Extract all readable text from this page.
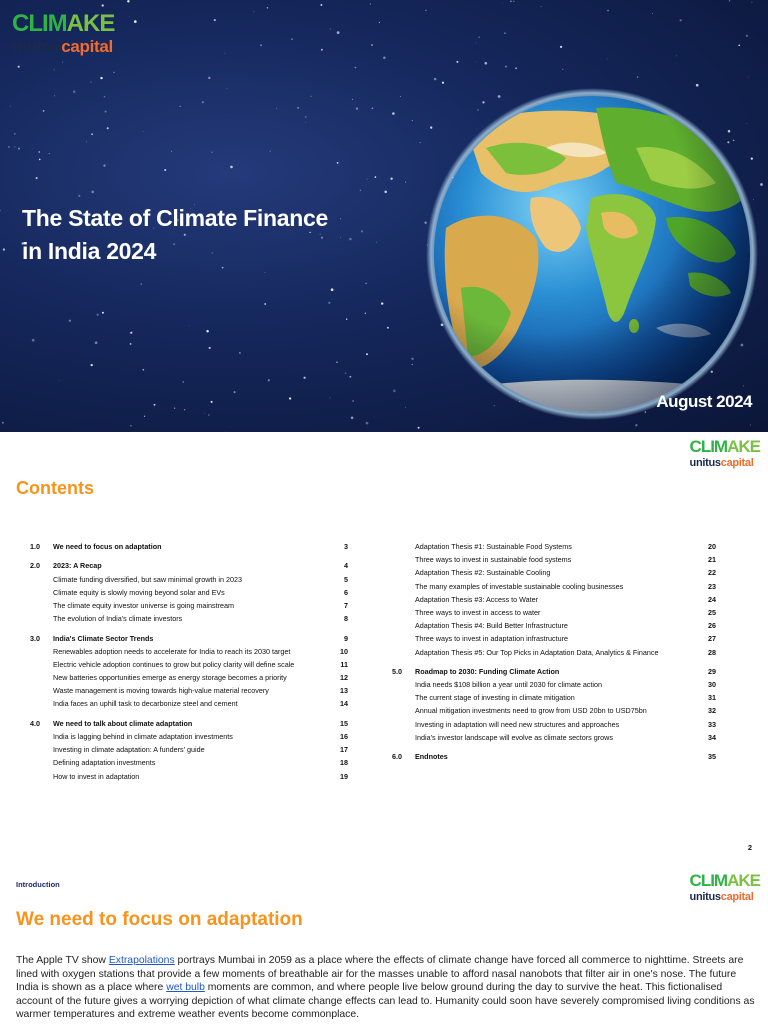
CLIMAKE
unituscapital
The State of Climate Finance
in India 2024
August 2024
CLIMAKE
unituscapital
Contents
1.0	We need to focus on adaptation	3
2.0	2023: A Recap	4
Climate funding diversified, but saw minimal growth in 2023	5
Climate equity is slowly moving beyond solar and EVs	6
The climate equity investor universe is going mainstream	7
The evolution of India's climate investors	8
3.0	India's Climate Sector Trends	9
Renewables adoption needs to accelerate for India to reach its 2030 target	10
Electric vehicle adoption continues to grow but policy clarity will define scale	11
New batteries opportunities emerge as energy storage becomes a priority	12
Waste management is moving towards high-value material recovery	13
India faces an uphill task to decarbonize steel and cement	14
4.0	We need to talk about climate adaptation	15
India is lagging behind in climate adaptation investments	16
Investing in climate adaptation: A funders' guide	17
Defining adaptation investments	18
How to invest in adaptation	19
Adaptation Thesis #1: Sustainable Food Systems	20
Three ways to invest in sustainable food systems	21
Adaptation Thesis #2: Sustainable Cooling	22
The many examples of investable sustainable cooling businesses	23
Adaptation Thesis #3: Access to Water	24
Three ways to invest in access to water	25
Adaptation Thesis #4: Build Better Infrastructure	26
Three ways to invest in adaptation infrastructure	27
Adaptation Thesis #5: Our Top Picks in Adaptation Data, Analytics & Finance	28
5.0	Roadmap to 2030: Funding Climate Action	29
India needs $108 billion a year until 2030 for climate action	30
The current stage of investing in climate mitigation	31
Annual mitigation investments need to grow from USD 20bn to USD75bn	32
Investing in adaptation will need new structures and approaches	33
India's investor landscape will evolve as climate sectors grows	34
6.0	Endnotes	35
2
Introduction	CLIMAKE
unituscapital
We need to focus on adaptation
The Apple TV show Extrapolations portrays Mumbai in 2059 as a place where the effects of climate change have forced all commerce to nighttime. Streets are lined with oxygen stations that provide a few moments of breathable air for the masses unable to afford nasal nanobots that filter air in one's nose. The future India is shown as a place where wet bulb moments are common, and where people live below ground during the day to survive the heat. This fictionalised account of the future gives a worrying depiction of what climate change effects can lead to. Humanity could soon have severely compromised living conditions as warmer temperatures and extreme weather events become commonplace.
